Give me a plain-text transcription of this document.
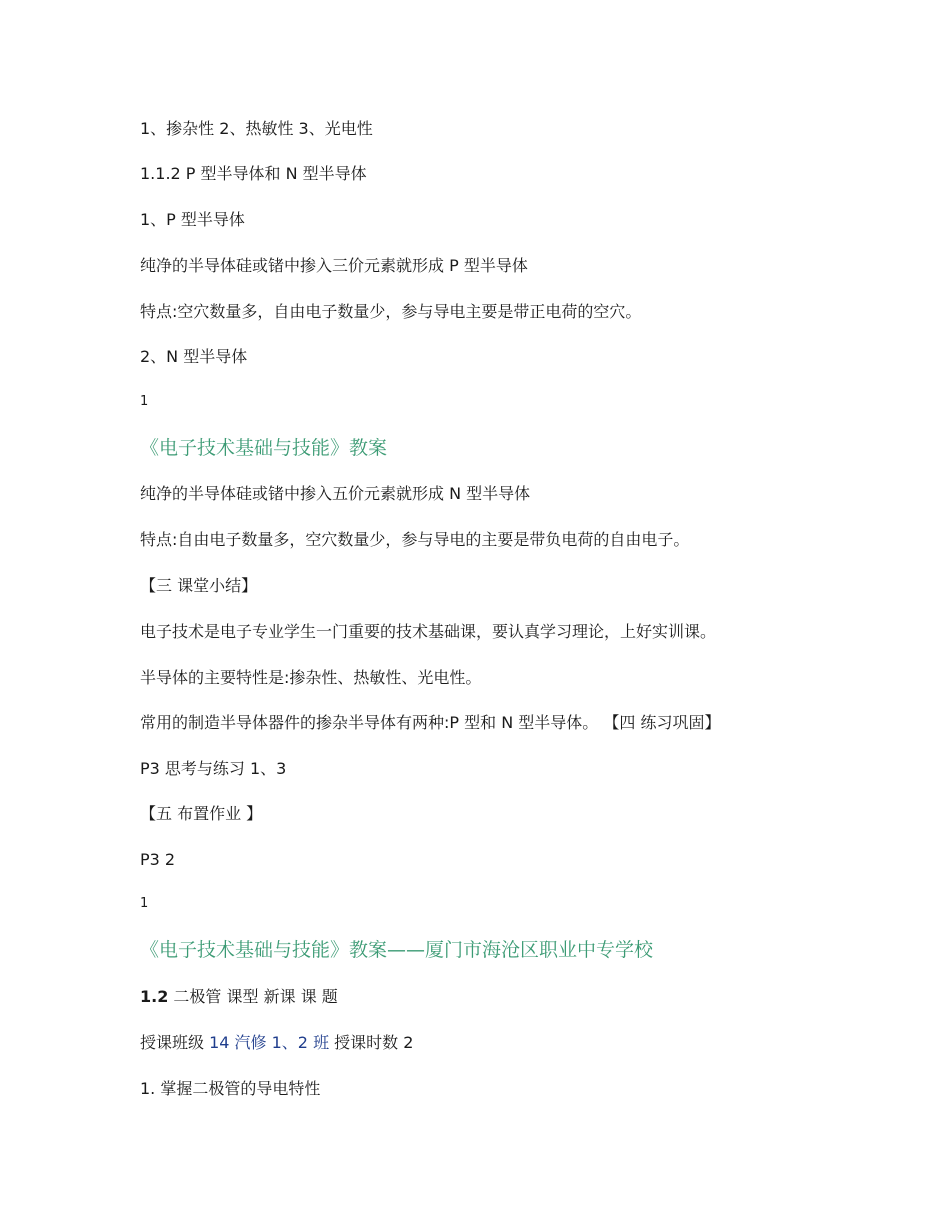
1、掺杂性 2、热敏性 3、光电性
1.1.2 P 型半导体和 N 型半导体
1、P 型半导体
纯净的半导体硅或锗中掺入三价元素就形成 P 型半导体
特点:空穴数量多，自由电子数量少，参与导电主要是带正电荷的空穴。
2、N 型半导体
1
《电子技术基础与技能》教案
纯净的半导体硅或锗中掺入五价元素就形成 N 型半导体
特点:自由电子数量多，空穴数量少，参与导电的主要是带负电荷的自由电子。
【三 课堂小结】
电子技术是电子专业学生一门重要的技术基础课，要认真学习理论，上好实训课。
半导体的主要特性是:掺杂性、热敏性、光电性。
常用的制造半导体器件的掺杂半导体有两种:P 型和 N 型半导体。 【四 练习巩固】
P3 思考与练习 1、3
【五 布置作业 】
P3 2
1
《电子技术基础与技能》教案——厦门市海沧区职业中专学校
1.2 二极管 课型 新课 课 题
授课班级 14 汽修 1、2 班 授课时数 2
1. 掌握二极管的导电特性
